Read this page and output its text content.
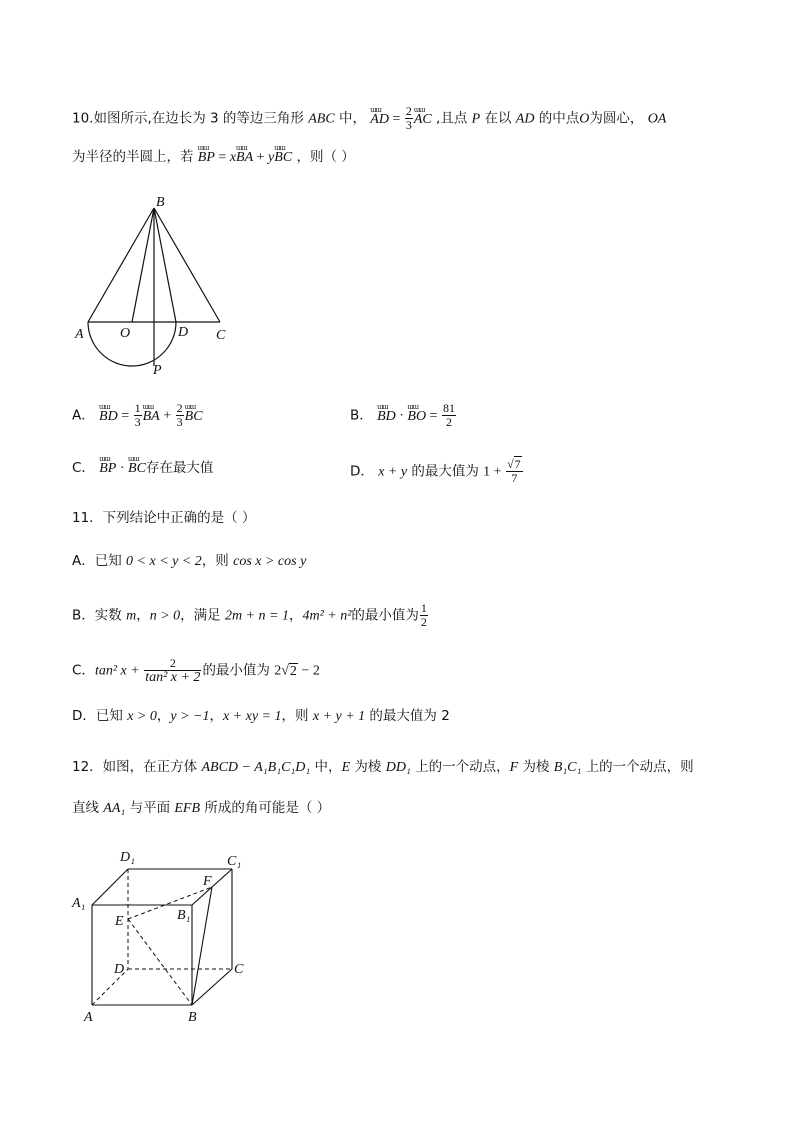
10.如图所示,在边长为 3 的等边三角形 ABC 中， ɯɯ AD = $\frac{2}{3}$ ɯɯ AC ,且点 P 在以 AD 的中点O为圆心， OA
为半径的半圆上，若 ɯɯ BP = xɯɯ BA + yɯɯ BC ，则（ ）
B
A	O	D C
P
A． ɯɯ BD = $\frac{1}{3}$ ɯɯ BA + $\frac{2}{3}$ ɯɯ BC	B． ɯɯ BD · ɯɯ BO = $\frac{81}{2}$
C． ɯɯ BP · ɯɯ BC存在最大值	D． x + y 的最大值为 $1 + \frac{√7}{7}$
11．下列结论中正确的是（ ）
A．已知 0 < x < y < 2，则 cos x > cos y
B．实数 m，n > 0，满足 2m + n = 1，4m² + n²的最小值为 $\frac{1}{2}$
C．tan² $x + \frac{2}{\text{tan² x + 2}}$ 的最小值为 2√2 − 2
D．已知 x > 0，y > −1，x + xy = 1，则 x + y + 1 的最大值为 2
12．如图，在正方体 ABCD − A₁B₁C₁D₁ 中，E 为棱 DD₁ 上的一个动点，F 为棱 B₁C₁ 上的一个动点，则
直线 AA₁ 与平面 EFB 所成的角可能是（ ）
D₁	C₁
A₁
B₁
F
E
D	C
A	B
